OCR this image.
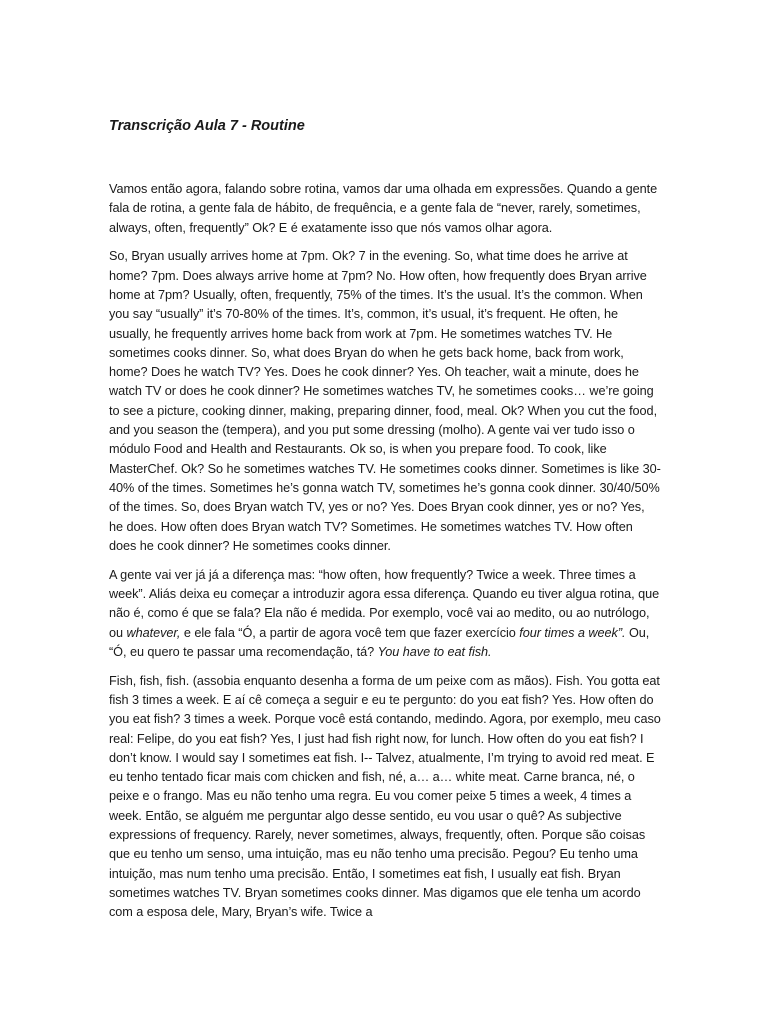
Transcrição Aula 7 - Routine

Vamos então agora, falando sobre rotina, vamos dar uma olhada em expressões. Quando a gente fala de rotina, a gente fala de hábito, de frequência, e a gente fala de “never, rarely, sometimes, always, often, frequently” Ok? E é exatamente isso que nós vamos olhar agora.

So, Bryan usually arrives home at 7pm. Ok? 7 in the evening. So, what time does he arrive at home? 7pm. Does always arrive home at 7pm? No. How often, how frequently does Bryan arrive home at 7pm? Usually, often, frequently, 75% of the times. It’s the usual. It’s the common. When you say “usually” it’s 70-80% of the times. It’s, common, it’s usual, it’s frequent. He often, he usually, he frequently arrives home back from work at 7pm. He sometimes watches TV. He sometimes cooks dinner. So, what does Bryan do when he gets back home, back from work, home? Does he watch TV? Yes. Does he cook dinner? Yes. Oh teacher, wait a minute, does he watch TV or does he cook dinner? He sometimes watches TV, he sometimes cooks… we’re going to see a picture, cooking dinner, making, preparing dinner, food, meal. Ok? When you cut the food, and you season the (tempera), and you put some dressing (molho). A gente vai ver tudo isso o módulo Food and Health and Restaurants. Ok so, is when you prepare food. To cook, like MasterChef. Ok? So he sometimes watches TV. He sometimes cooks dinner. Sometimes is like 30-40% of the times. Sometimes he’s gonna watch TV, sometimes he’s gonna cook dinner. 30/40/50% of the times. So, does Bryan watch TV, yes or no? Yes. Does Bryan cook dinner, yes or no? Yes, he does. How often does Bryan watch TV? Sometimes. He sometimes watches TV. How often does he cook dinner? He sometimes cooks dinner.

A gente vai ver já já a diferença mas: “how often, how frequently? Twice a week. Three times a week”. Aliás deixa eu começar a introduzir agora essa diferença. Quando eu tiver algua rotina, que não é, como é que se fala? Ela não é medida. Por exemplo, você vai ao medito, ou ao nutrólogo, ou whatever, e ele fala “Ó, a partir de agora você tem que fazer exercício four times a week”. Ou, “Ó, eu quero te passar uma recomendação, tá? You have to eat fish.

Fish, fish, fish. (assobia enquanto desenha a forma de um peixe com as mãos). Fish. You gotta eat fish 3 times a week. E aí cê começa a seguir e eu te pergunto: do you eat fish? Yes. How often do you eat fish? 3 times a week. Porque você está contando, medindo. Agora, por exemplo, meu caso real: Felipe, do you eat fish? Yes, I just had fish right now, for lunch. How often do you eat fish? I don’t know. I would say I sometimes eat fish. I-- Talvez, atualmente, I’m trying to avoid red meat. E eu tenho tentado ficar mais com chicken and fish, né, a… a… white meat. Carne branca, né, o peixe e o frango. Mas eu não tenho uma regra. Eu vou comer peixe 5 times a week, 4 times a week. Então, se alguém me perguntar algo desse sentido, eu vou usar o quê? As subjective expressions of frequency. Rarely, never sometimes, always, frequently, often. Porque são coisas que eu tenho um senso, uma intuição, mas eu não tenho uma precisão. Pegou? Eu tenho uma intuição, mas num tenho uma precisão. Então, I sometimes eat fish, I usually eat fish. Bryan sometimes watches TV. Bryan sometimes cooks dinner. Mas digamos que ele tenha um acordo com a esposa dele, Mary, Bryan’s wife. Twice a
